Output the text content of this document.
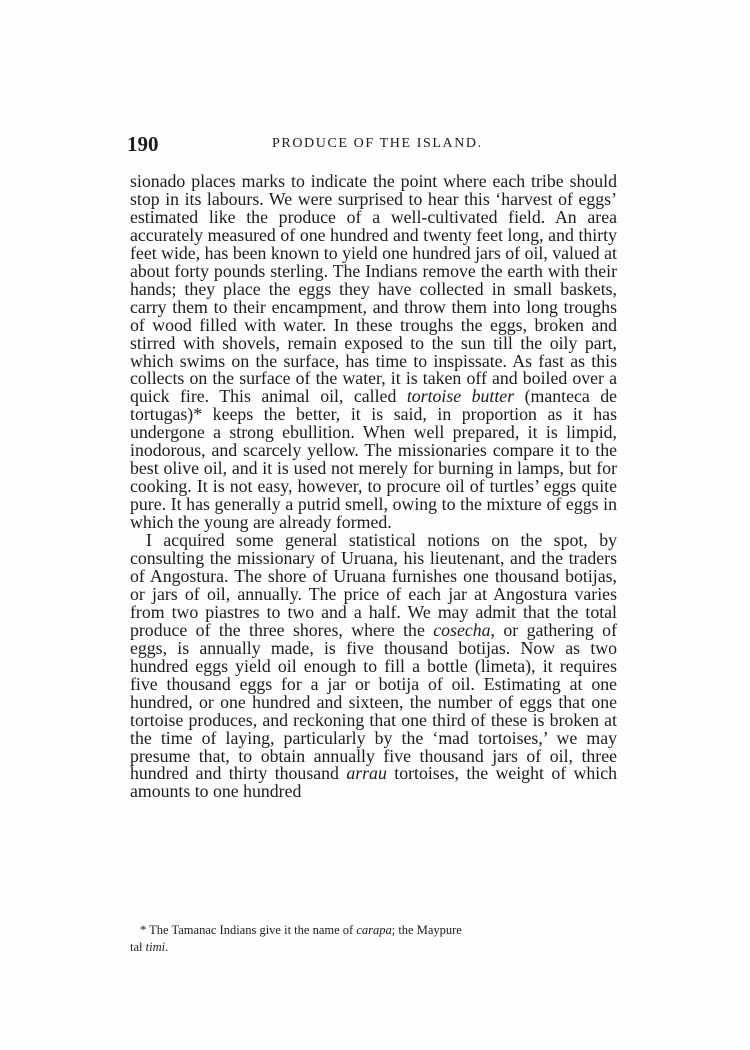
190	PRODUCE OF THE ISLAND.

sionado places marks to indicate the point where each tribe should stop in its labours. We were surprised to hear this ‘harvest of eggs’ estimated like the produce of a well-cultivated field. An area accurately measured of one hundred and twenty feet long, and thirty feet wide, has been known to yield one hundred jars of oil, valued at about forty pounds sterling. The Indians remove the earth with their hands; they place the eggs they have collected in small baskets, carry them to their encampment, and throw them into long troughs of wood filled with water. In these troughs the eggs, broken and stirred with shovels, remain exposed to the sun till the oily part, which swims on the surface, has time to inspissate. As fast as this collects on the surface of the water, it is taken off and boiled over a quick fire. This animal oil, called tortoise butter (manteca de tortugas)* keeps the better, it is said, in proportion as it has undergone a strong ebullition. When well prepared, it is limpid, inodorous, and scarcely yellow. The missionaries compare it to the best olive oil, and it is used not merely for burning in lamps, but for cooking. It is not easy, however, to procure oil of turtles’ eggs quite pure. It has generally a putrid smell, owing to the mixture of eggs in which the young are already formed.

I acquired some general statistical notions on the spot, by consulting the missionary of Uruana, his lieutenant, and the traders of Angostura. The shore of Uruana furnishes one thousand botijas, or jars of oil, annually. The price of each jar at Angostura varies from two piastres to two and a half. We may admit that the total produce of the three shores, where the cosecha, or gathering of eggs, is annually made, is five thousand botijas. Now as two hundred eggs yield oil enough to fill a bottle (limeta), it requires five thousand eggs for a jar or botija of oil. Estimating at one hundred, or one hundred and sixteen, the number of eggs that one tortoise produces, and reckoning that one third of these is broken at the time of laying, particularly by the ‘mad tortoises,’ we may presume that, to obtain annually five thousand jars of oil, three hundred and thirty thousand arrau tortoises, the weight of which amounts to one hundred

* The Tamanac Indians give it the name of carapa; the Maypure
tal timi.
